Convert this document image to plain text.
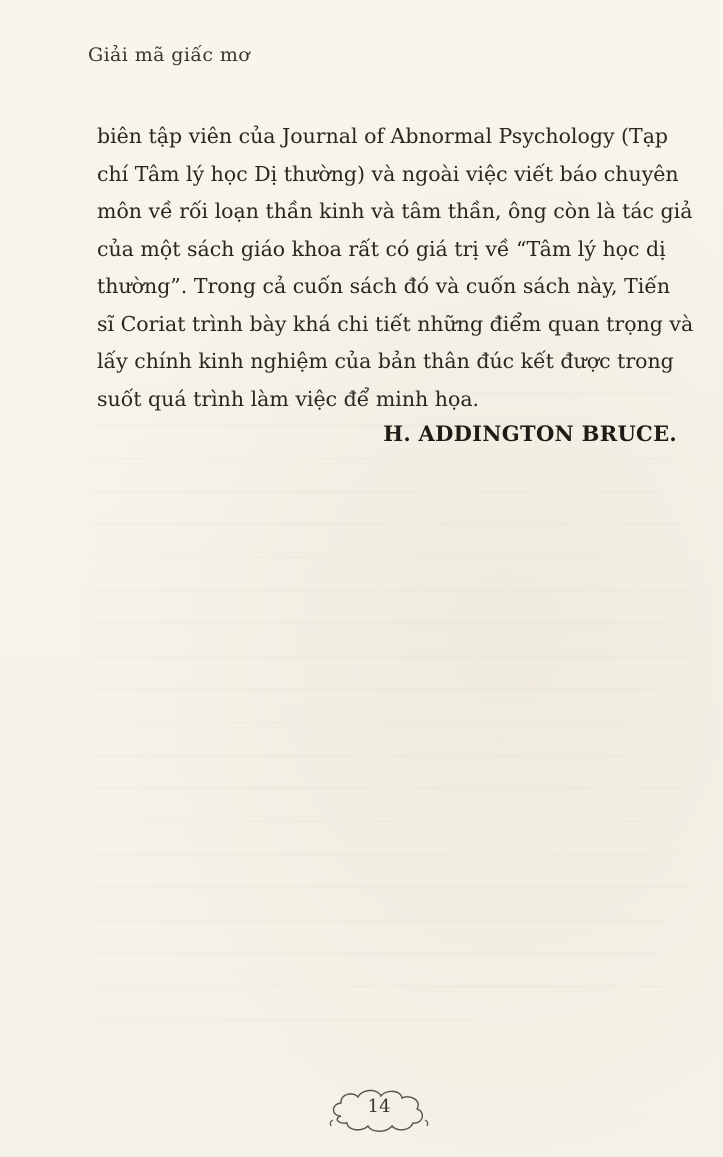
Giải mã giấc mơ
biên tập viên của Journal of Abnormal Psychology (Tạp
chí Tâm lý học Dị thường) và ngoài việc viết báo chuyên
môn về rối loạn thần kinh và tâm thần, ông còn là tác giả
của một sách giáo khoa rất có giá trị về “Tâm lý học dị
thường”. Trong cả cuốn sách đó và cuốn sách này, Tiến
sĩ Coriat trình bày khá chi tiết những điểm quan trọng và
lấy chính kinh nghiệm của bản thân đúc kết được trong
suốt quá trình làm việc để minh họa.
H. ADDINGTON BRUCE.
14
